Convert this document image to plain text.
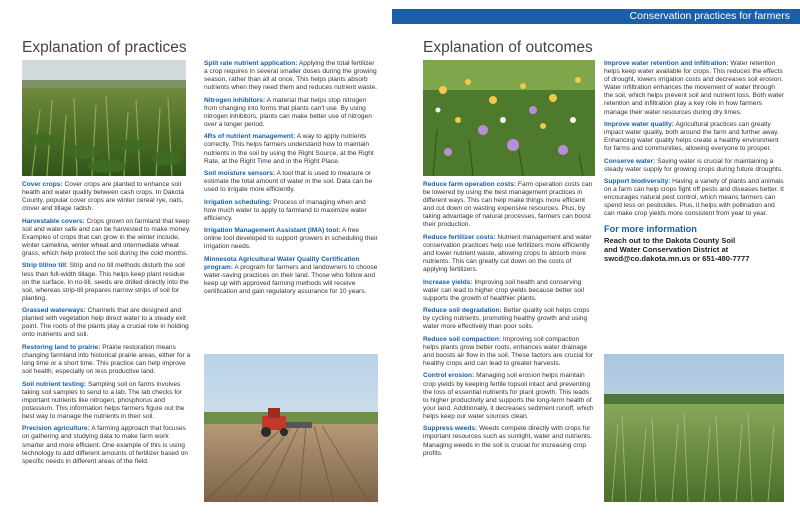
Conservation practices for farmers
Explanation of practices

Cover crops: Cover crops are planted to enhance soil health and water quality between cash crops. In Dakota County, popular cover crops are winter cereal rye, oats, clover and tillage radish.

Harvestable covers: Crops grown on farmland that keep soil and water safe and can be harvested to make money. Examples of crops that can grow in the winter include, winter camelina, winter wheat and intermediate wheat grass, which help protect the soil during the cold months.

Strip till/no till: Strip and no till methods disturb the soil less than full-width tillage. This helps keep plant residue on the surface. In no-till, seeds are drilled directly into the soil, whereas strip-till prepares narrow strips of soil for planting.

Grassed waterways: Channels that are designed and planted with vegetation help direct water to a steady exit point. The roots of the plants play a crucial role in holding onto nutrients and soil.

Restoring land to prairie: Prairie restoration means changing farmland into historical prairie areas, either for a long time or a short time. This practice can help improve soil health, especially on less productive land.

Soil nutrient testing: Sampling soil on farms involves taking soil samples to send to a lab. The lab checks for important nutrients like nitrogen, phosphorus and potassium. This information helps farmers figure out the best way to manage the nutrients in their soil.

Precision agriculture: A farming approach that focuses on gathering and studying data to make farm work smarter and more efficient. One example of this is using technology to add different amounts of fertilizer based on specific needs in different areas of the field.

Split rate nutrient application: Applying the total fertilizer a crop requires in several smaller doses during the growing season, rather than all at once. This helps plants absorb nutrients when they need them and reduces nutrient waste.

Nitrogen inhibitors: A material that helps stop nitrogen from changing into forms that plants can't use. By using nitrogen inhibitors, plants can make better use of nitrogen over a longer period.

4Rs of nutrient management: A way to apply nutrients correctly. This helps farmers understand how to maintain nutrients in the soil by using the Right Source, at the Right Rate, at the Right Time and in the Right Place.

Soil moisture sensors: A tool that is used to measure or estimate the total amount of water in the soil. Data can be used to irrigate more efficiently.

Irrigation scheduling: Process of managing when and how much water to apply to farmland to maximize water efficiency.

Irrigation Management Assistant (IMA) tool: A free online tool developed to support growers in scheduling their irrigation needs.

Minnesota Agricultural Water Quality Certification program: A program for farmers and landowners to choose water-saving practices on their land. Those who follow and keep up with approved farming methods will receive certification and gain regulatory assurance for 10 years.

Explanation of outcomes

Reduce farm operation costs: Farm operation costs can be lowered by using the best management practices in different ways. This can help make things more efficient and cut down on wasting expensive resources. Plus, by taking advantage of natural processes, farmers can boost their production.

Reduce fertilizer costs: Nutrient management and water conservation practices help use fertilizers more efficiently and lower nutrient waste, allowing crops to absorb more nutrients. This can greatly cut down on the costs of applying fertilizers.

Increase yields: Improving soil health and conserving water can lead to higher crop yields because better soil supports the growth of healthier plants.

Reduce soil degradation: Better quality soil helps crops by cycling nutrients, promoting healthy growth and using water more effectively than poor soils.

Reduce soil compaction: Improving soil compaction helps plants grow better roots, enhances water drainage and boosts air flow in the soil. These factors are crucial for healthy crops and can lead to greater harvests.

Control erosion: Managing soil erosion helps maintain crop yields by keeping fertile topsoil intact and preventing the loss of essential nutrients for plant growth. This leads to higher productivity and supports the long-term health of your land. Additionally, it decreases sediment runoff, which helps keep our water sources clean.

Suppress weeds: Weeds compete directly with crops for important resources such as sunlight, water and nutrients. Managing weeds in the soil is crucial for increasing crop profits.

Improve water retention and infiltration: Water retention helps keep water available for crops. This reduces the effects of drought, lowers irrigation costs and decreases soil erosion. Water infiltration enhances the movement of water through the soil, which helps prevent soil and nutrient loss. Both water retention and infiltration play a key role in how farmers manage their water resources during dry times.

Improve water quality: Agricultural practices can greatly impact water quality, both around the farm and further away. Enhancing water quality helps create a healthy environment for farms and communities, allowing everyone to prosper.

Conserve water: Saving water is crucial for maintaining a steady water supply for growing crops during future droughts.

Support biodiversity: Having a variety of plants and animals on a farm can help crops fight off pests and diseases better. It encourages natural pest control, which means farmers can spend less on pesticides. Plus, it helps with pollination and can make crop yields more consistent from year to year.

For more information
Reach out to the Dakota County Soil
and Water Conservation District at
swcd@co.dakota.mn.us or 651-480-7777
